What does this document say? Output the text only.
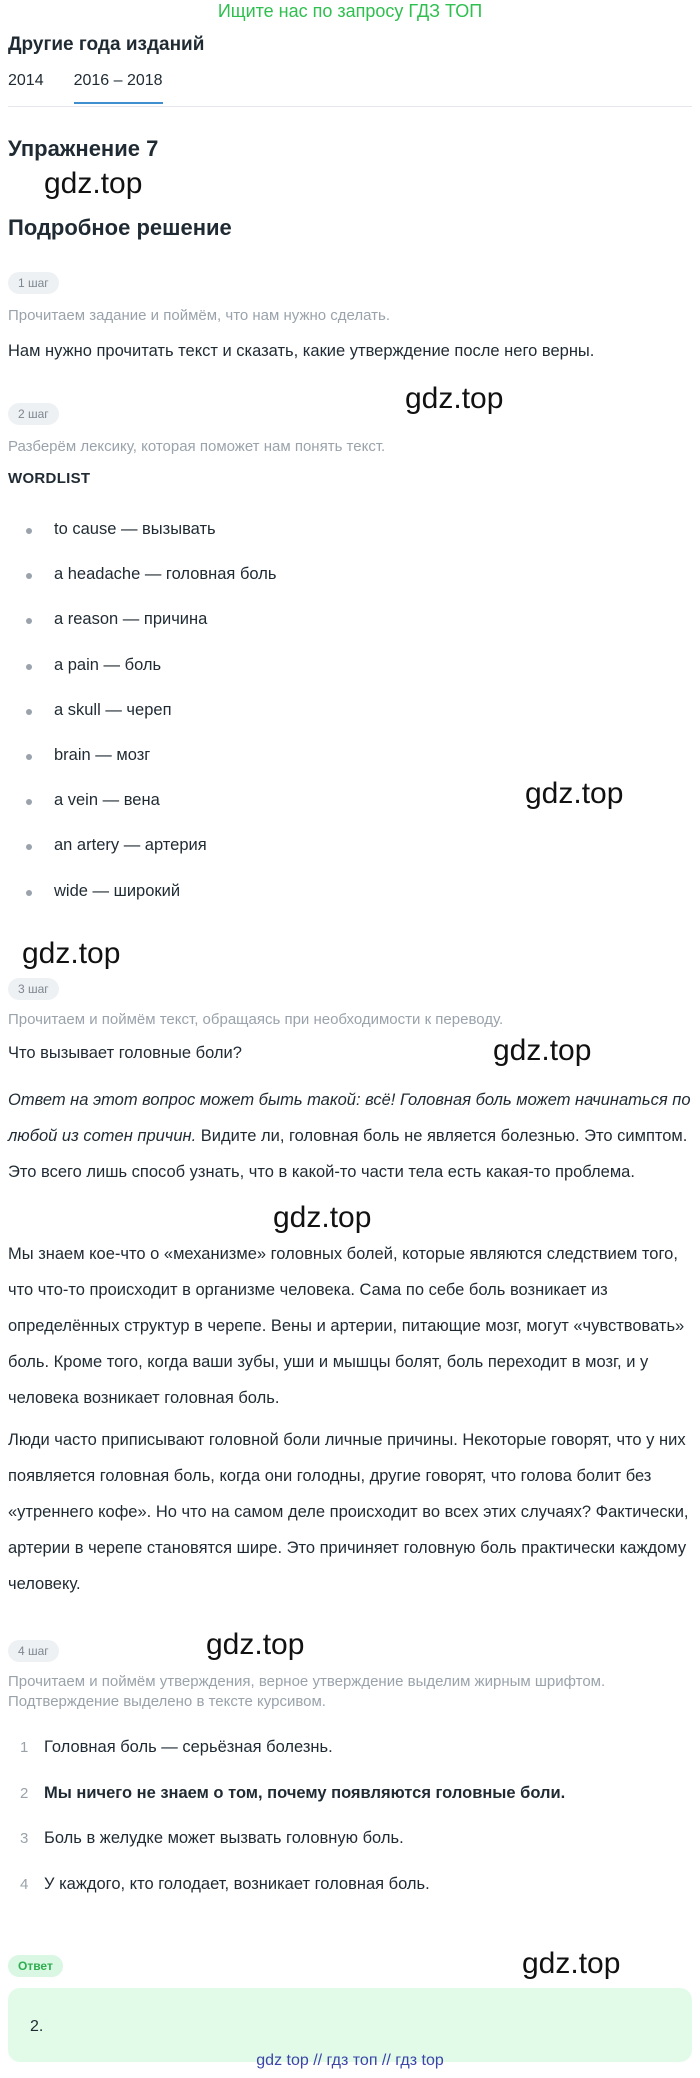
Ищите нас по запросу ГДЗ ТОП
Другие года изданий
2014 2016 – 2018
Упражнение 7
gdz.top
Подробное решение
1 шаг
Прочитаем задание и поймём, что нам нужно сделать.
Нам нужно прочитать текст и сказать, какие утверждение после него верны.
2 шаг	gdz.top
Разберём лексику, которая поможет нам понять текст.
WORDLIST
to cause — вызывать
a headache — головная боль
a reason — причина
a pain — боль
a skull — череп
brain — мозг
a vein — вена
an artery — артерия
wide — широкий
gdz.top
gdz.top
3 шаг
Прочитаем и поймём текст, обращаясь при необходимости к переводу.
Что вызывает головные боли?	gdz.top
Ответ на этот вопрос может быть такой: всё! Головная боль может начинаться по любой из сотен причин. Видите ли, головная боль не является болезнью. Это симптом. Это всего лишь способ узнать, что в какой-то части тела есть какая-то проблема.
gdz.top
Мы знаем кое-что о «механизме» головных болей, которые являются следствием того, что что-то происходит в организме человека. Сама по себе боль возникает из определённых структур в черепе. Вены и артерии, питающие мозг, могут «чувствовать» боль. Кроме того, когда ваши зубы, уши и мышцы болят, боль переходит в мозг, и у человека возникает головная боль.
Люди часто приписывают головной боли личные причины. Некоторые говорят, что у них появляется головная боль, когда они голодны, другие говорят, что голова болит без «утреннего кофе». Но что на самом деле происходит во всех этих случаях? Фактически, артерии в черепе становятся шире. Это причиняет головную боль практически каждому человеку.
4 шаг	gdz.top
Прочитаем и поймём утверждения, верное утверждение выделим жирным шрифтом. Подтверждение выделено в тексте курсивом.
1 Головная боль — серьёзная болезнь.
2 Мы ничего не знаем о том, почему появляются головные боли.
3 Боль в желудке может вызвать головную боль.
4 У каждого, кто голодает, возникает головная боль.
Ответ	gdz.top
2.
gdz top // гдз топ // гдз top
